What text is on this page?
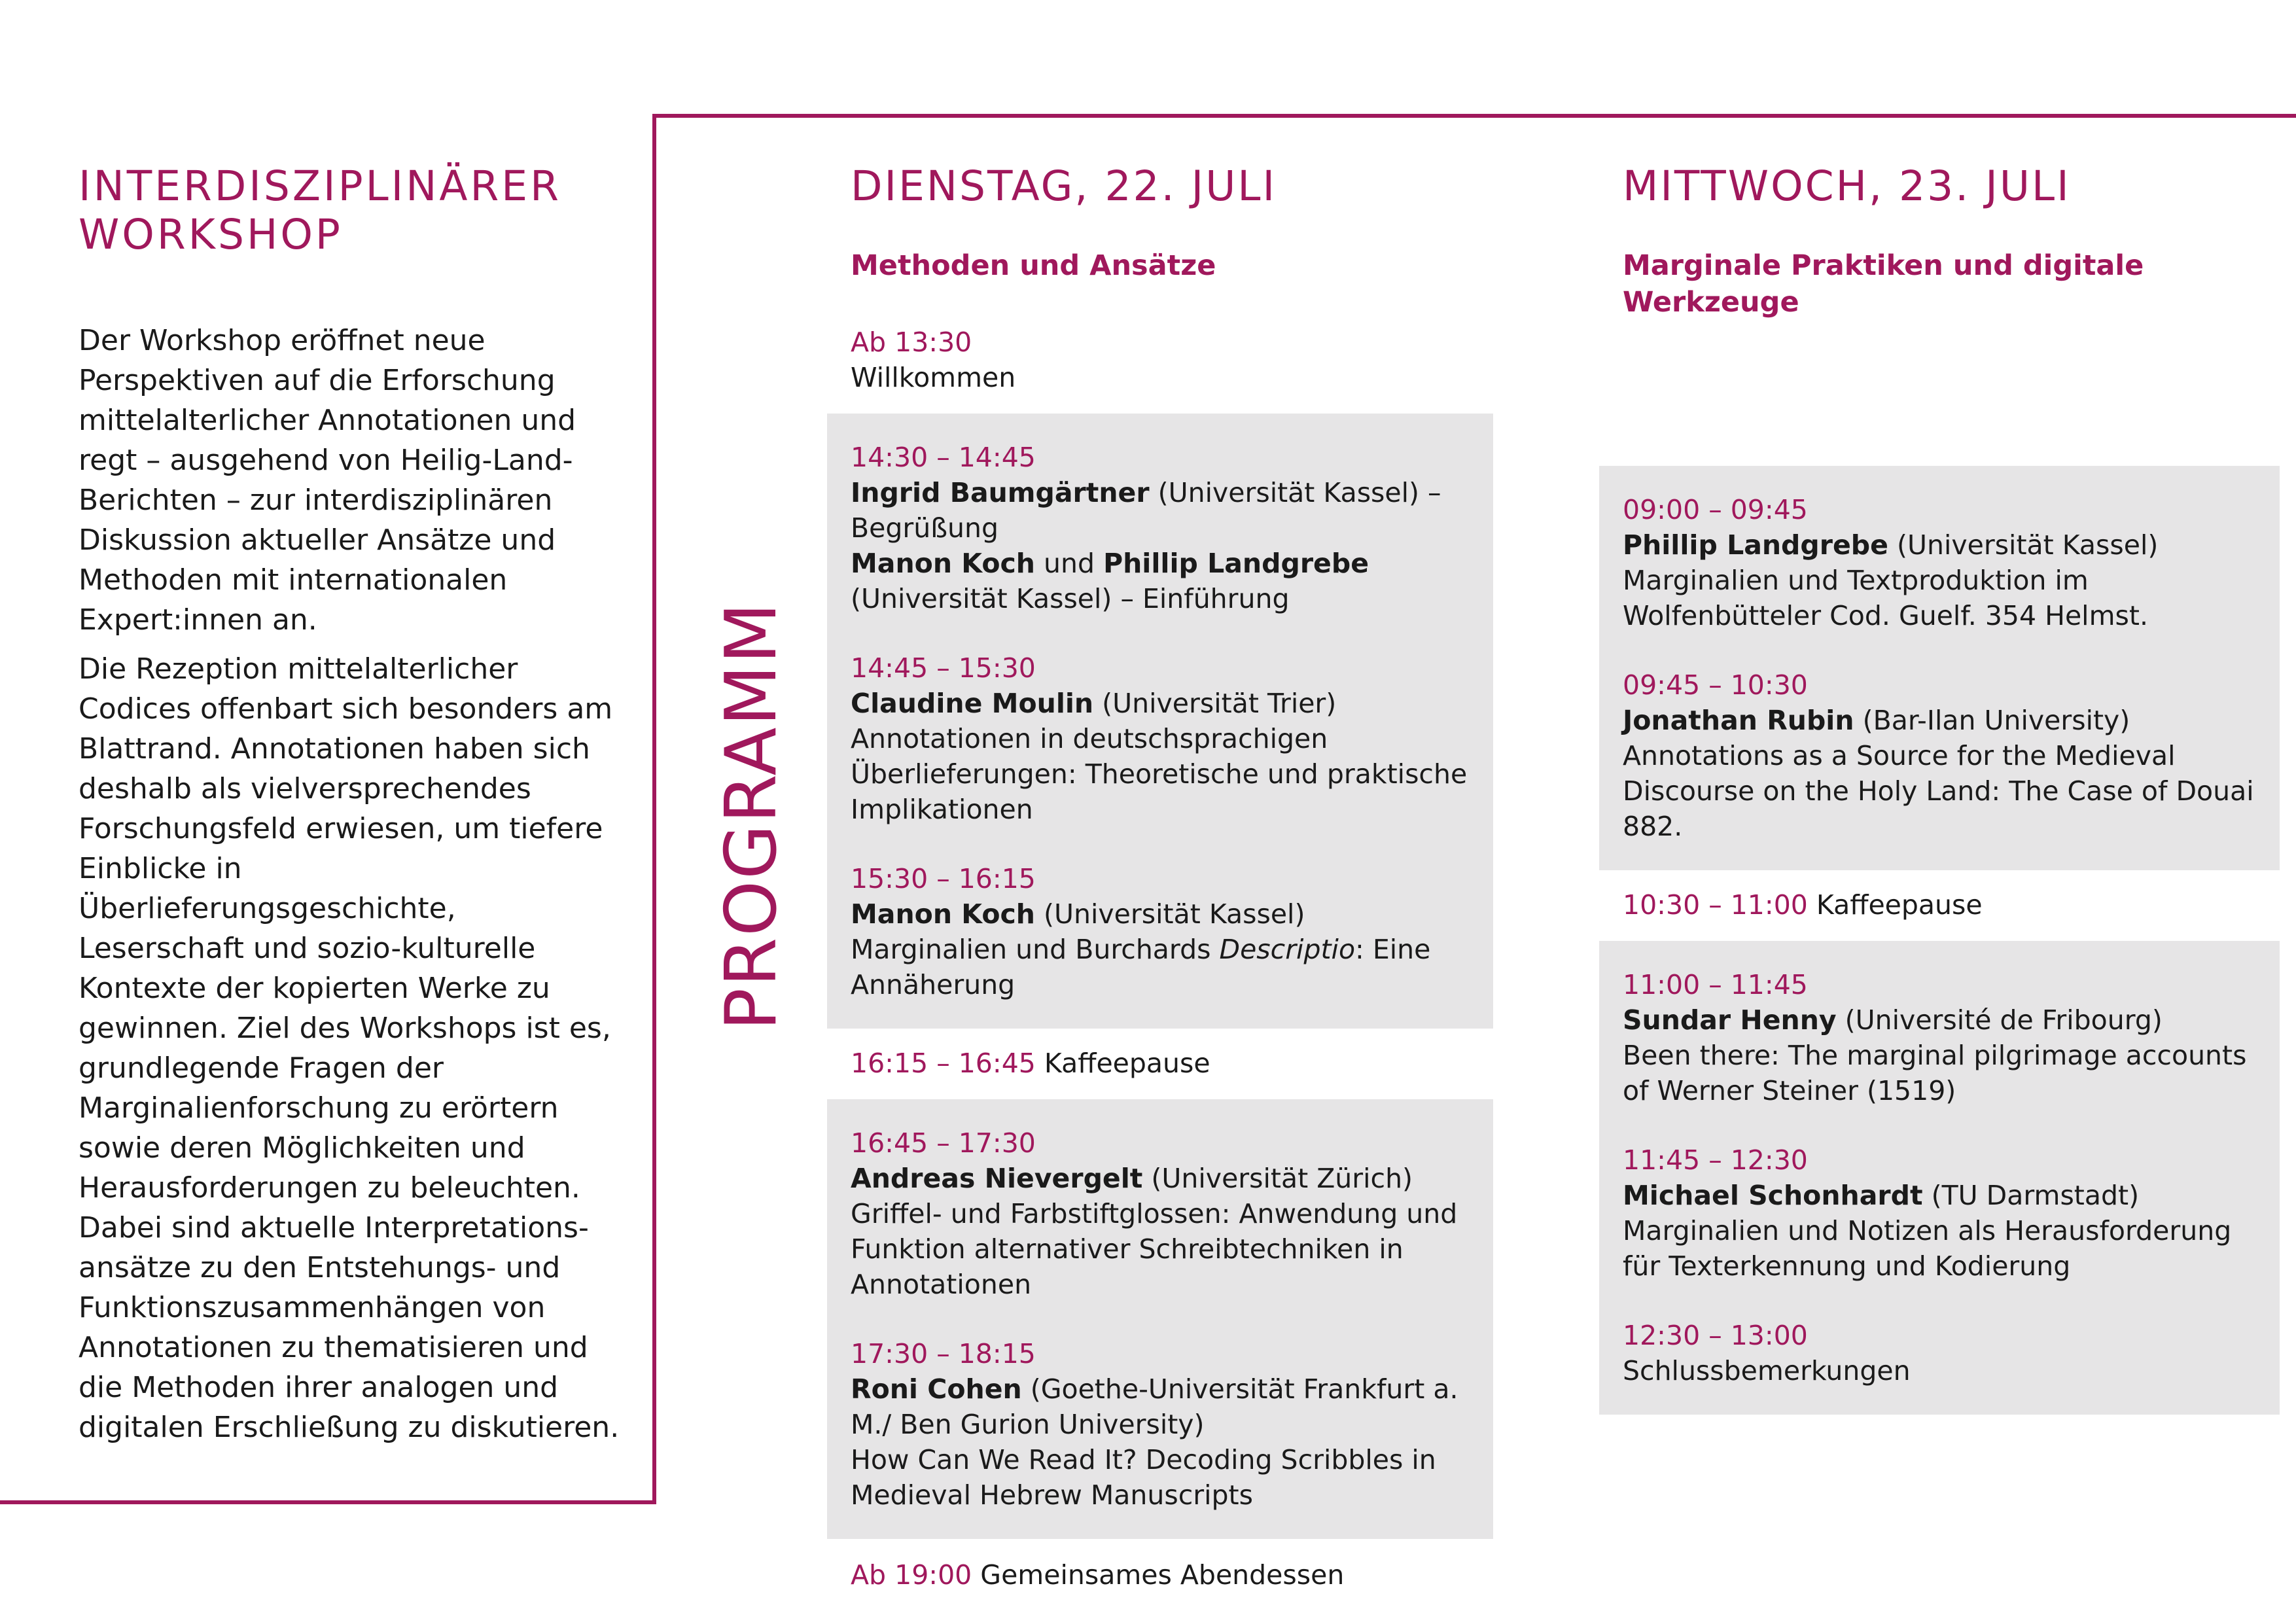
INTERDISZIPLINÄRER WORKSHOP

Der Workshop eröffnet neue Perspektiven auf die Erforschung mittelalterlicher Annotationen und regt – ausgehend von Heilig-Land-Berichten – zur interdisziplinären Diskussion aktueller Ansätze und Methoden mit internationalen Expert:innen an.

Die Rezeption mittelalterlicher Codices offenbart sich besonders am Blattrand. Annotationen haben sich deshalb als vielversprechendes Forschungsfeld erwiesen, um tiefere Einblicke in Überlieferungsgeschichte, Leserschaft und sozio-kulturelle Kontexte der kopierten Werke zu gewinnen. Ziel des Workshops ist es, grundlegende Fragen der Marginalienforschung zu erörtern sowie deren Möglichkeiten und Herausforderungen zu beleuchten. Dabei sind aktuelle Interpretations-ansätze zu den Entstehungs- und Funktionszusammenhängen von Annotationen zu thematisieren und die Methoden ihrer analogen und digitalen Erschließung zu diskutieren.

PROGRAMM
DIENSTAG, 22. JULI
Methoden und Ansätze
Ab 13:30
Willkommen
14:30 – 14:45
Ingrid Baumgärtner (Universität Kassel) – Begrüßung
Manon Koch und Phillip Landgrebe (Universität Kassel) – Einführung
14:45 – 15:30
Claudine Moulin (Universität Trier)
Annotationen in deutschsprachigen Überlieferungen: Theoretische und praktische Implikationen
15:30 – 16:15
Manon Koch (Universität Kassel)
Marginalien und Burchards Descriptio: Eine Annäherung
16:15 – 16:45 Kaffeepause
16:45 – 17:30
Andreas Nievergelt (Universität Zürich)
Griffel- und Farbstiftglossen: Anwendung und Funktion alternativer Schreibtechniken in Annotationen
17:30 – 18:15
Roni Cohen (Goethe-Universität Frankfurt a. M./ Ben Gurion University)
How Can We Read It? Decoding Scribbles in Medieval Hebrew Manuscripts
Ab 19:00 Gemeinsames Abendessen
MITTWOCH, 23. JULI
Marginale Praktiken und digitale Werkzeuge
09:00 – 09:45
Phillip Landgrebe (Universität Kassel)
Marginalien und Textproduktion im Wolfenbütteler Cod. Guelf. 354 Helmst.
09:45 – 10:30
Jonathan Rubin (Bar-Ilan University)
Annotations as a Source for the Medieval Discourse on the Holy Land: The Case of Douai 882.
10:30 – 11:00 Kaffeepause
11:00 – 11:45
Sundar Henny (Université de Fribourg)
Been there: The marginal pilgrimage accounts of Werner Steiner (1519)
11:45 – 12:30
Michael Schonhardt (TU Darmstadt)
Marginalien und Notizen als Herausforderung für Texterkennung und Kodierung
12:30 – 13:00
Schlussbemerkungen
